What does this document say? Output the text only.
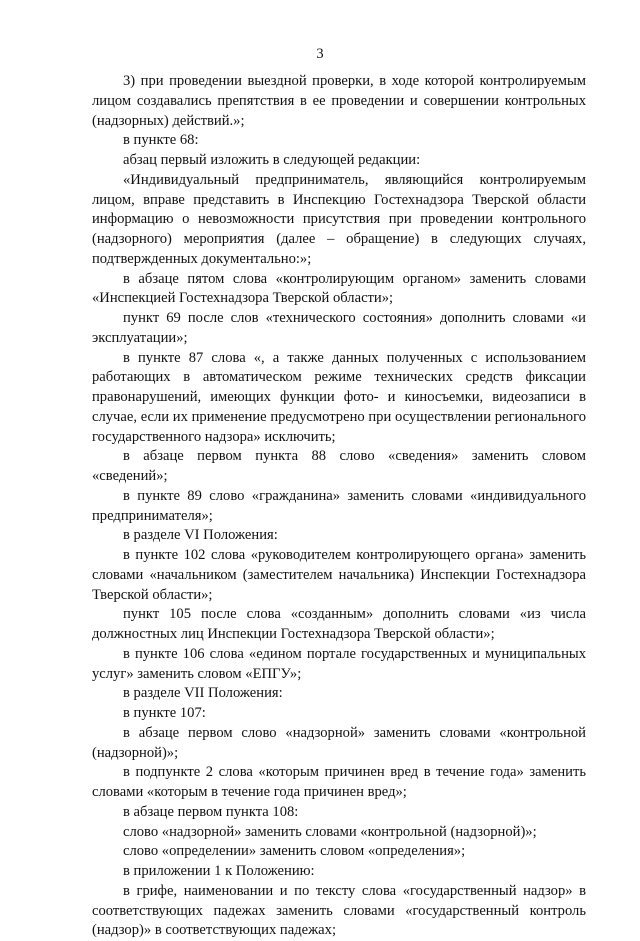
3

3) при проведении выездной проверки, в ходе которой контролируемым лицом создавались препятствия в ее проведении и совершении контрольных (надзорных) действий.»;

в пункте 68:

абзац первый изложить в следующей редакции:

«Индивидуальный предприниматель, являющийся контролируемым лицом, вправе представить в Инспекцию Гостехнадзора Тверской области информацию о невозможности присутствия при проведении контрольного (надзорного) мероприятия (далее – обращение) в следующих случаях, подтвержденных документально:»;

в абзаце пятом слова «контролирующим органом» заменить словами «Инспекцией Гостехнадзора Тверской области»;

пункт 69 после слов «технического состояния» дополнить словами «и эксплуатации»;

в пункте 87 слова «, а также данных полученных с использованием работающих в автоматическом режиме технических средств фиксации правонарушений, имеющих функции фото- и киносъемки, видеозаписи в случае, если их применение предусмотрено при осуществлении регионального государственного надзора» исключить;

в абзаце первом пункта 88 слово «сведения» заменить словом «сведений»;

в пункте 89 слово «гражданина» заменить словами «индивидуального предпринимателя»;

в разделе VI Положения:

в пункте 102 слова «руководителем контролирующего органа» заменить словами «начальником (заместителем начальника) Инспекции Гостехнадзора Тверской области»;

пункт 105 после слова «созданным» дополнить словами «из числа должностных лиц Инспекции Гостехнадзора Тверской области»;

в пункте 106 слова «едином портале государственных и муниципальных услуг» заменить словом «ЕПГУ»;

в разделе VII Положения:

в пункте 107:

в абзаце первом слово «надзорной» заменить словами «контрольной (надзорной)»;

в подпункте 2 слова «которым причинен вред в течение года» заменить словами «которым в течение года причинен вред»;

в абзаце первом пункта 108:

слово «надзорной» заменить словами «контрольной (надзорной)»;

слово «определении» заменить словом «определения»;

в приложении 1 к Положению:

в грифе, наименовании и по тексту слова «государственный надзор» в соответствующих падежах заменить словами «государственный контроль (надзор)» в соответствующих падежах;
